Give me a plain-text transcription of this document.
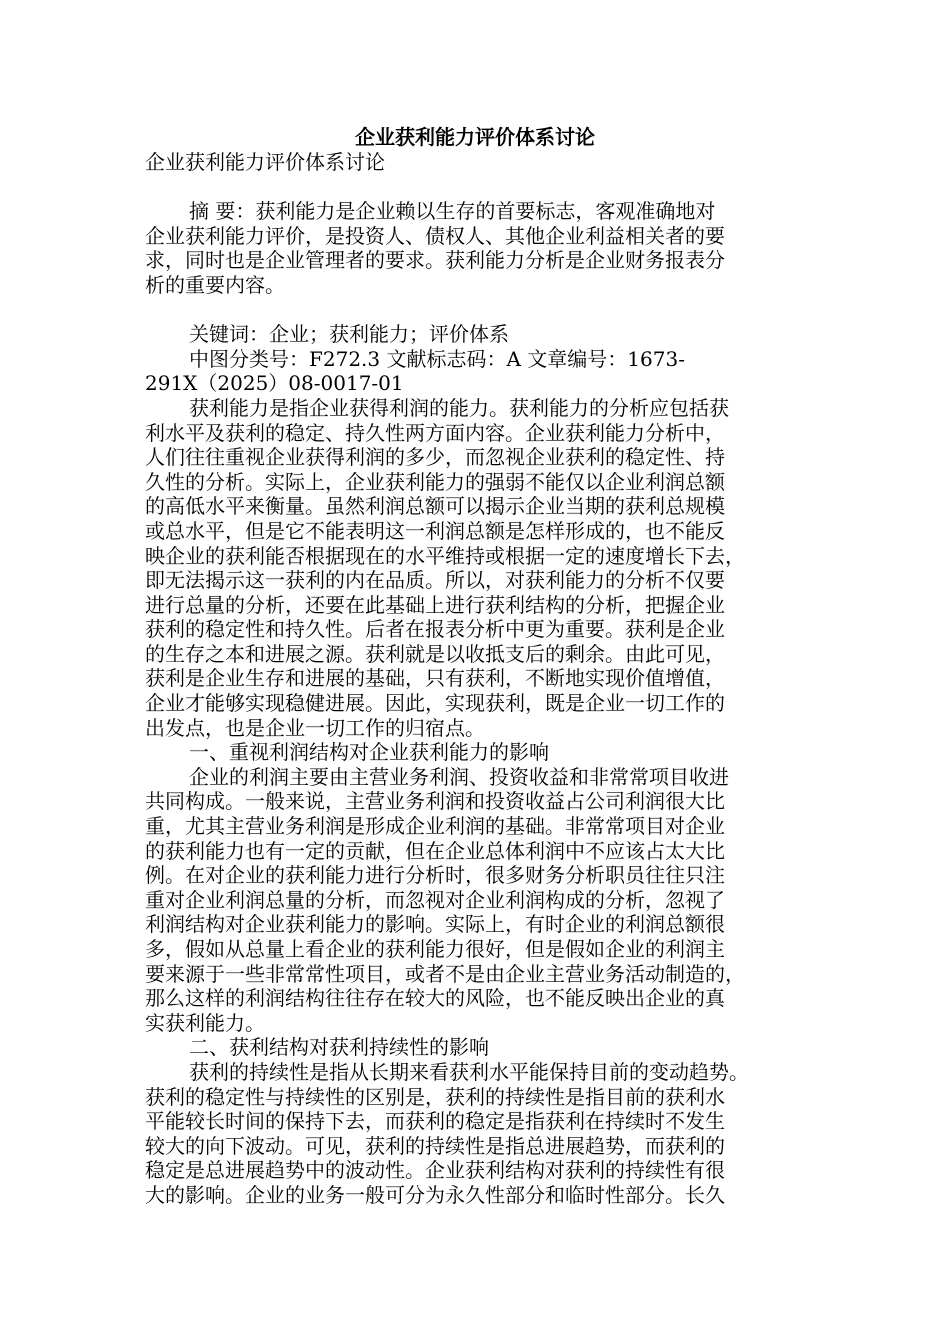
企业获利能力评价体系讨论

企业获利能力评价体系讨论

摘 要：获利能力是企业赖以生存的首要标志，客观准确地对
企业获利能力评价，是投资人、债权人、其他企业利益相关者的要
求，同时也是企业管理者的要求。获利能力分析是企业财务报表分
析的重要内容。

关键词：企业；获利能力；评价体系

中图分类号：F272.3 文献标志码：A 文章编号：1673-
291X（2025）08-0017-01

获利能力是指企业获得利润的能力。获利能力的分析应包括获
利水平及获利的稳定、持久性两方面内容。企业获利能力分析中，
人们往往重视企业获得利润的多少，而忽视企业获利的稳定性、持
久性的分析。实际上，企业获利能力的强弱不能仅以企业利润总额
的高低水平来衡量。虽然利润总额可以揭示企业当期的获利总规模
或总水平，但是它不能表明这一利润总额是怎样形成的，也不能反
映企业的获利能否根据现在的水平维持或根据一定的速度增长下去，
即无法揭示这一获利的内在品质。所以，对获利能力的分析不仅要
进行总量的分析，还要在此基础上进行获利结构的分析，把握企业
获利的稳定性和持久性。后者在报表分析中更为重要。获利是企业
的生存之本和进展之源。获利就是以收抵支后的剩余。由此可见，
获利是企业生存和进展的基础，只有获利，不断地实现价值增值，
企业才能够实现稳健进展。因此，实现获利，既是企业一切工作的
出发点，也是企业一切工作的归宿点。

一、重视利润结构对企业获利能力的影响

企业的利润主要由主营业务利润、投资收益和非常常项目收进
共同构成。一般来说，主营业务利润和投资收益占公司利润很大比
重，尤其主营业务利润是形成企业利润的基础。非常常项目对企业
的获利能力也有一定的贡献，但在企业总体利润中不应该占太大比
例。在对企业的获利能力进行分析时，很多财务分析职员往往只注
重对企业利润总量的分析，而忽视对企业利润构成的分析，忽视了
利润结构对企业获利能力的影响。实际上，有时企业的利润总额很
多，假如从总量上看企业的获利能力很好，但是假如企业的利润主
要来源于一些非常常性项目，或者不是由企业主营业务活动制造的，
那么这样的利润结构往往存在较大的风险，也不能反映出企业的真
实获利能力。

二、获利结构对获利持续性的影响

获利的持续性是指从长期来看获利水平能保持目前的变动趋势。
获利的稳定性与持续性的区别是，获利的持续性是指目前的获利水
平能较长时间的保持下去，而获利的稳定是指获利在持续时不发生
较大的向下波动。可见，获利的持续性是指总进展趋势，而获利的
稳定是总进展趋势中的波动性。企业获利结构对获利的持续性有很
大的影响。企业的业务一般可分为永久性部分和临时性部分。长久
